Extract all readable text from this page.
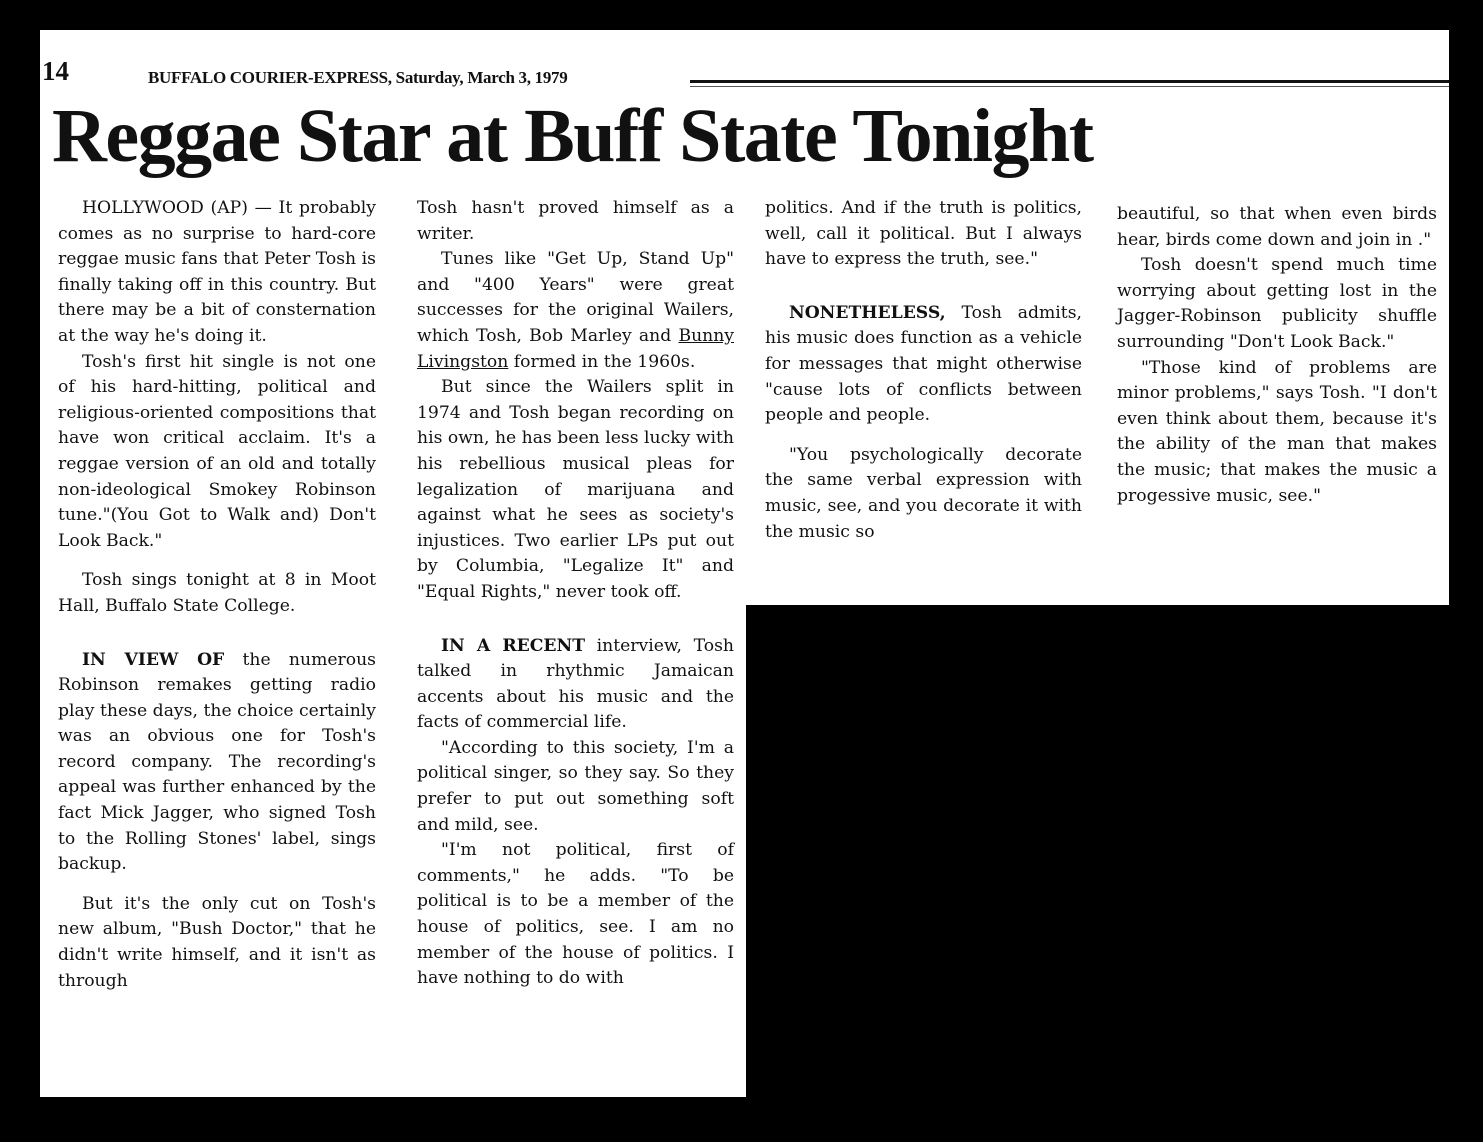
14	BUFFALO COURIER-EXPRESS, Saturday, March 3, 1979
Reggae Star at Buff State Tonight

HOLLYWOOD (AP) — It probably comes as no surprise to hard-core reggae music fans that Peter Tosh is finally taking off in this country. But there may be a bit of consternation at the way he's doing it.

Tosh's first hit single is not one of his hard-hitting, political and religious-oriented compositions that have won critical acclaim. It's a reggae version of an old and totally non-ideological Smokey Robinson tune."(You Got to Walk and) Don't Look Back."

Tosh sings tonight at 8 in Moot Hall, Buffalo State College.

IN VIEW OF the numerous Robinson remakes getting radio play these days, the choice certainly was an obvious one for Tosh's record company. The recording's appeal was further enhanced by the fact Mick Jagger, who signed Tosh to the Rolling Stones' label, sings backup.

But it's the only cut on Tosh's new album, "Bush Doctor," that he didn't write himself, and it isn't as through

Tosh hasn't proved himself as a writer.

Tunes like "Get Up, Stand Up" and "400 Years" were great successes for the original Wailers, which Tosh, Bob Marley and Bunny Livingston formed in the 1960s.

But since the Wailers split in 1974 and Tosh began recording on his own, he has been less lucky with his rebellious musical pleas for legalization of marijuana and against what he sees as society's injustices. Two earlier LPs put out by Columbia, "Legalize It" and "Equal Rights," never took off.

IN A RECENT interview, Tosh talked in rhythmic Jamaican accents about his music and the facts of commercial life.

"According to this society, I'm a political singer, so they say. So they prefer to put out something soft and mild, see.

"I'm not political, first of comments," he adds. "To be political is to be a member of the house of politics, see. I am no member of the house of politics. I have nothing to do with

politics. And if the truth is politics, well, call it political. But I always have to express the truth, see."

NONETHELESS, Tosh admits, his music does function as a vehicle for messages that might otherwise "cause lots of conflicts between people and people.

"You psychologically decorate the same verbal expression with music, see, and you decorate it with the music so

beautiful, so that when even birds hear, birds come down and join in ."

Tosh doesn't spend much time worrying about getting lost in the Jagger-Robinson publicity shuffle surrounding "Don't Look Back."

"Those kind of problems are minor problems," says Tosh. "I don't even think about them, because it's the ability of the man that makes the music; that makes the music a progessive music, see."
